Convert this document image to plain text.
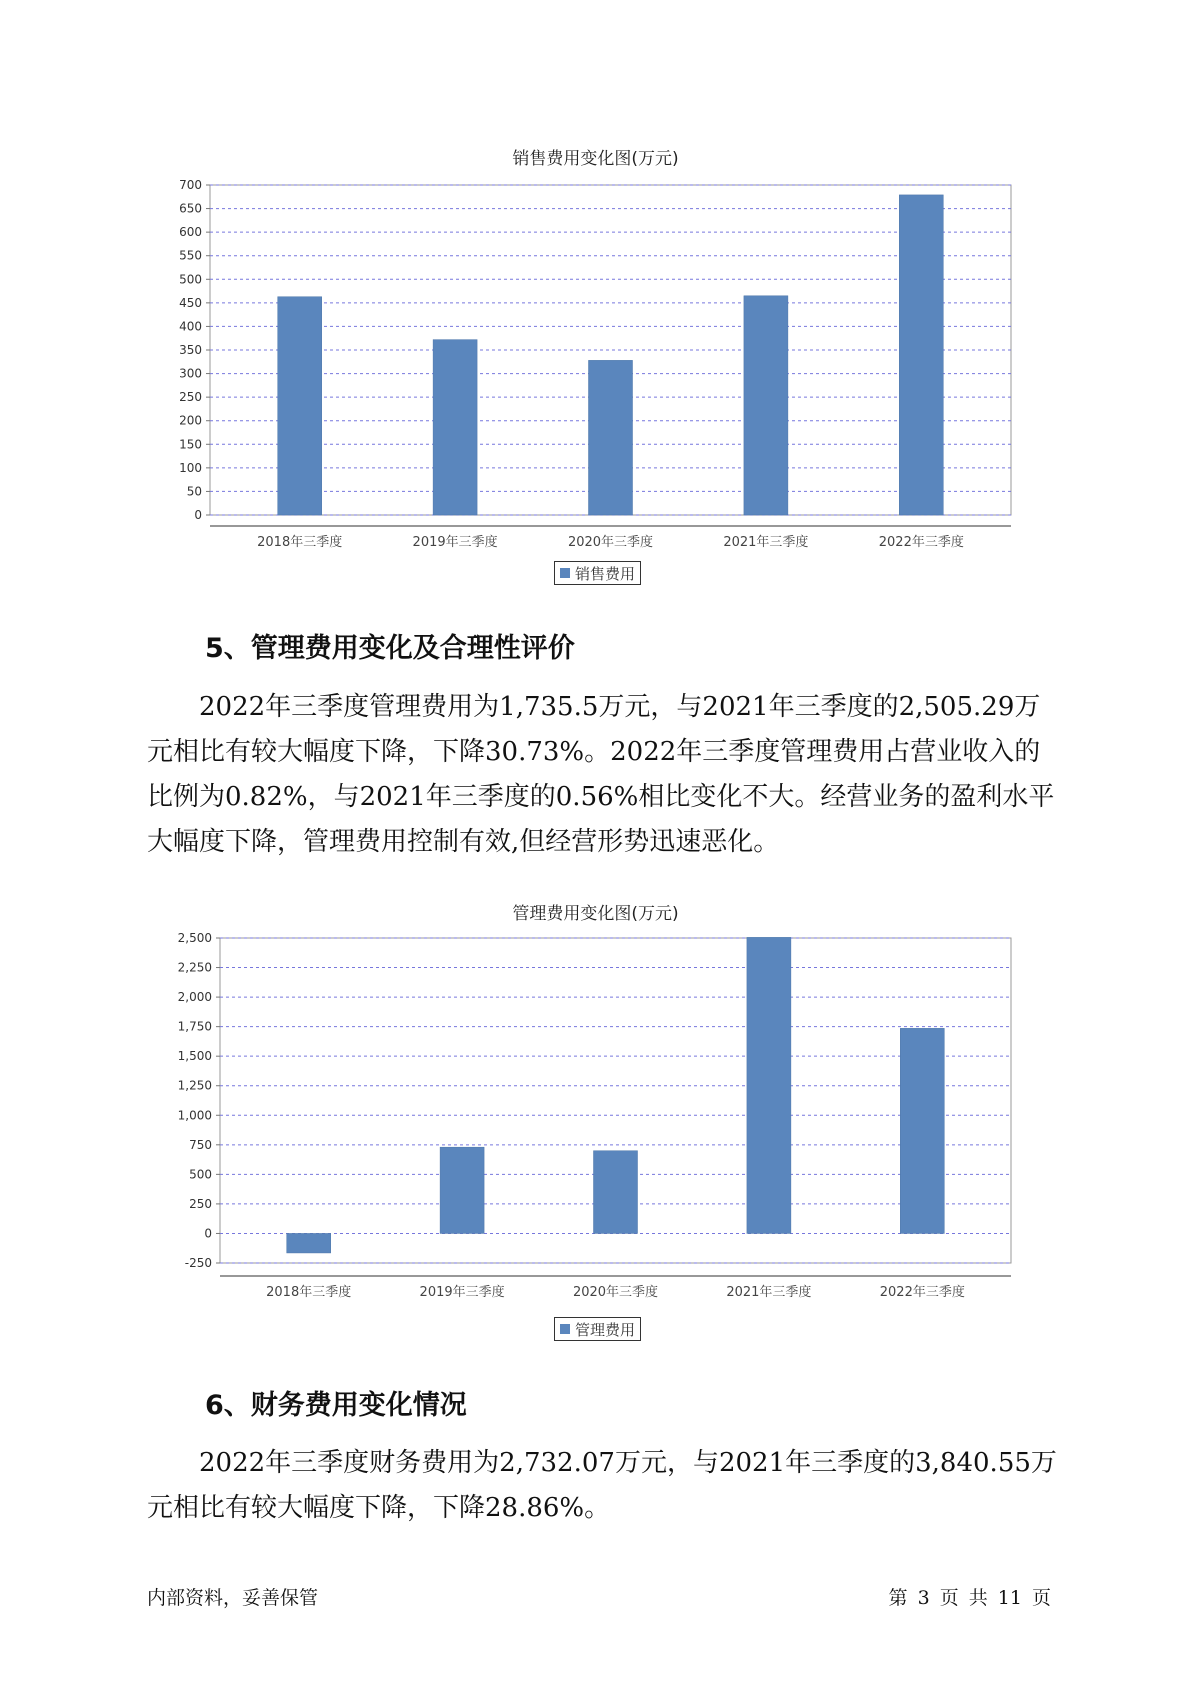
销售费用变化图(万元)
0
50
100
150
200
250
300
350
400
450
500
550
600
650
700
2018年三季度	2019年三季度	2020年三季度	2021年三季度	2022年三季度
销售费用
5、管理费用变化及合理性评价

2022年三季度管理费用为1,735.5万元，与2021年三季度的2,505.29万元相比有较大幅度下降，下降30.73%。2022年三季度管理费用占营业收入的比例为0.82%，与2021年三季度的0.56%相比变化不大。经营业务的盈利水平大幅度下降，管理费用控制有效,但经营形势迅速恶化。

管理费用变化图(万元)
-250
0
250
500
750
1,000
1,250
1,500
1,750
2,000
2,250
2,500
2018年三季度	2019年三季度	2020年三季度	2021年三季度	2022年三季度
管理费用
6、财务费用变化情况

2022年三季度财务费用为2,732.07万元，与2021年三季度的3,840.55万元相比有较大幅度下降，下降28.86%。

内部资料，妥善保管	第 3 页 共 11 页
